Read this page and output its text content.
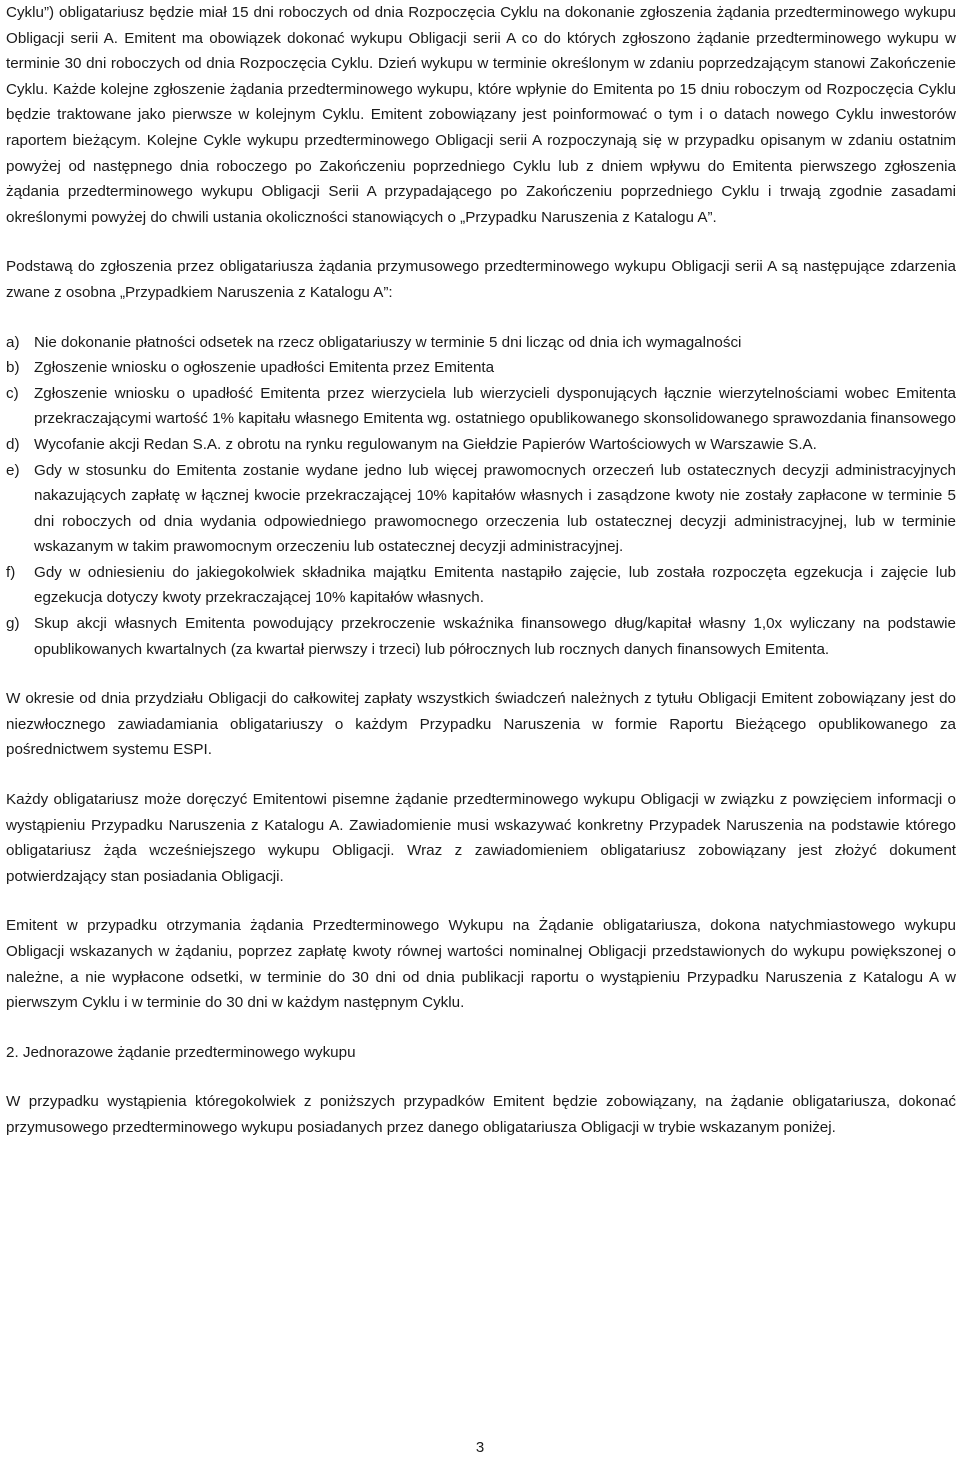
Cyklu”) obligatariusz będzie miał 15 dni roboczych od dnia Rozpoczęcia Cyklu na dokonanie zgłoszenia żądania przedterminowego wykupu Obligacji serii A. Emitent ma obowiązek dokonać wykupu Obligacji serii A co do których zgłoszono żądanie przedterminowego wykupu w terminie 30 dni roboczych od dnia Rozpoczęcia Cyklu. Dzień wykupu w terminie określonym w zdaniu poprzedzającym stanowi Zakończenie Cyklu. Każde kolejne zgłoszenie żądania przedterminowego wykupu, które wpłynie do Emitenta po 15 dniu roboczym od Rozpoczęcia Cyklu będzie traktowane jako pierwsze w kolejnym Cyklu. Emitent zobowiązany jest poinformować o tym i o datach nowego Cyklu inwestorów raportem bieżącym. Kolejne Cykle wykupu przedterminowego Obligacji serii A rozpoczynają się w przypadku opisanym w zdaniu ostatnim powyżej od następnego dnia roboczego po Zakończeniu poprzedniego Cyklu lub z dniem wpływu do Emitenta pierwszego zgłoszenia żądania przedterminowego wykupu Obligacji Serii A przypadającego po Zakończeniu poprzedniego Cyklu i trwają zgodnie zasadami określonymi powyżej do chwili ustania okoliczności stanowiących o „Przypadku Naruszenia z Katalogu A”.

Podstawą do zgłoszenia przez obligatariusza żądania przymusowego przedterminowego wykupu Obligacji serii A są następujące zdarzenia zwane z osobna „Przypadkiem Naruszenia z Katalogu A”:

a) Nie dokonanie płatności odsetek na rzecz obligatariuszy w terminie 5 dni licząc od dnia ich wymagalności
b) Zgłoszenie wniosku o ogłoszenie upadłości Emitenta przez Emitenta
c) Zgłoszenie wniosku o upadłość Emitenta przez wierzyciela lub wierzycieli dysponujących łącznie wierzytelnościami wobec Emitenta przekraczającymi wartość 1% kapitału własnego Emitenta wg. ostatniego opublikowanego skonsolidowanego sprawozdania finansowego
d) Wycofanie akcji Redan S.A. z obrotu na rynku regulowanym na Giełdzie Papierów Wartościowych w Warszawie S.A.
e) Gdy w stosunku do Emitenta zostanie wydane jedno lub więcej prawomocnych orzeczeń lub ostatecznych decyzji administracyjnych nakazujących zapłatę w łącznej kwocie przekraczającej 10% kapitałów własnych i zasądzone kwoty nie zostały zapłacone w terminie 5 dni roboczych od dnia wydania odpowiedniego prawomocnego orzeczenia lub ostatecznej decyzji administracyjnej, lub w terminie wskazanym w takim prawomocnym orzeczeniu lub ostatecznej decyzji administracyjnej.
f) Gdy w odniesieniu do jakiegokolwiek składnika majątku Emitenta nastąpiło zajęcie, lub została rozpoczęta egzekucja i zajęcie lub egzekucja dotyczy kwoty przekraczającej 10% kapitałów własnych.
g) Skup akcji własnych Emitenta powodujący przekroczenie wskaźnika finansowego dług/kapitał własny 1,0x wyliczany na podstawie opublikowanych kwartalnych (za kwartał pierwszy i trzeci) lub półrocznych lub rocznych danych finansowych Emitenta.

W okresie od dnia przydziału Obligacji do całkowitej zapłaty wszystkich świadczeń należnych z tytułu Obligacji Emitent zobowiązany jest do niezwłocznego zawiadamiania obligatariuszy o każdym Przypadku Naruszenia w formie Raportu Bieżącego opublikowanego za pośrednictwem systemu ESPI.

Każdy obligatariusz może doręczyć Emitentowi pisemne żądanie przedterminowego wykupu Obligacji w związku z powzięciem informacji o wystąpieniu Przypadku Naruszenia z Katalogu A. Zawiadomienie musi wskazywać konkretny Przypadek Naruszenia na podstawie którego obligatariusz żąda wcześniejszego wykupu Obligacji. Wraz z zawiadomieniem obligatariusz zobowiązany jest złożyć dokument potwierdzający stan posiadania Obligacji.

Emitent w przypadku otrzymania żądania Przedterminowego Wykupu na Żądanie obligatariusza, dokona natychmiastowego wykupu Obligacji wskazanych w żądaniu, poprzez zapłatę kwoty równej wartości nominalnej Obligacji przedstawionych do wykupu powiększonej o należne, a nie wypłacone odsetki, w terminie do 30 dni od dnia publikacji raportu o wystąpieniu Przypadku Naruszenia z Katalogu A w pierwszym Cyklu i w terminie do 30 dni w każdym następnym Cyklu.

2. Jednorazowe żądanie przedterminowego wykupu

W przypadku wystąpienia któregokolwiek z poniższych przypadków Emitent będzie zobowiązany, na żądanie obligatariusza, dokonać przymusowego przedterminowego wykupu posiadanych przez danego obligatariusza Obligacji w trybie wskazanym poniżej.

3
